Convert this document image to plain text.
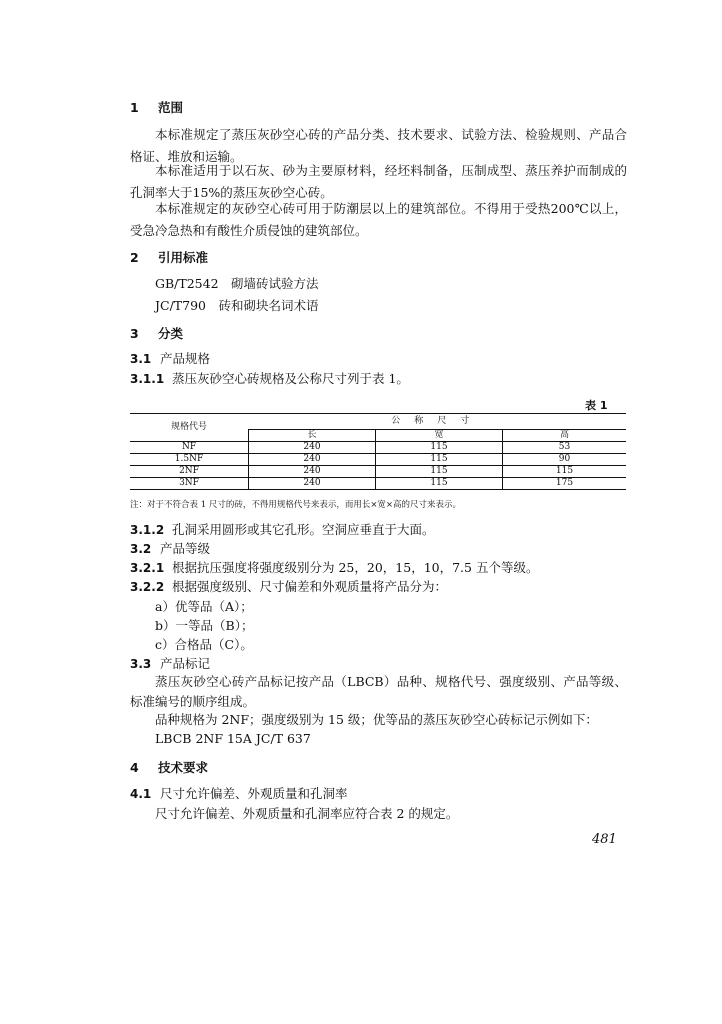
1 范围
本标准规定了蒸压灰砂空心砖的产品分类、技术要求、试验方法、检验规则、产品合格证、堆放和运输。
本标准适用于以石灰、砂为主要原材料，经坯料制备，压制成型、蒸压养护而制成的孔洞率大于15%的蒸压灰砂空心砖。
本标准规定的灰砂空心砖可用于防潮层以上的建筑部位。不得用于受热200℃以上，受急冷急热和有酸性介质侵蚀的建筑部位。
2 引用标准
GB/T2542　砌墙砖试验方法
JC/T790　砖和砌块名词术语
3 分类
3.1 产品规格
3.1.1 蒸压灰砂空心砖规格及公称尺寸列于表 1。
表 1
规格代号	公称尺寸		
	长	宽	高
NF	240	115	53
1.5NF	240	115	90
2NF	240	115	115
3NF	240	115	175
注：对于不符合表 1 尺寸的砖，不得用规格代号来表示，而用长×宽×高的尺寸来表示。
3.1.2 孔洞采用圆形或其它孔形。空洞应垂直于大面。
3.2 产品等级
3.2.1 根据抗压强度将强度级别分为 25，20，15，10，7.5 五个等级。
3.2.2 根据强度级别、尺寸偏差和外观质量将产品分为：
a）优等品（A）；
b）一等品（B）；
c）合格品（C）。
3.3 产品标记
蒸压灰砂空心砖产品标记按产品（LBCB）品种、规格代号、强度级别、产品等级、标准编号的顺序组成。
品种规格为 2NF；强度级别为 15 级；优等品的蒸压灰砂空心砖标记示例如下：
LBCB 2NF 15A JC/T 637
4 技术要求
4.1 尺寸允许偏差、外观质量和孔洞率
尺寸允许偏差、外观质量和孔洞率应符合表 2 的规定。
481
